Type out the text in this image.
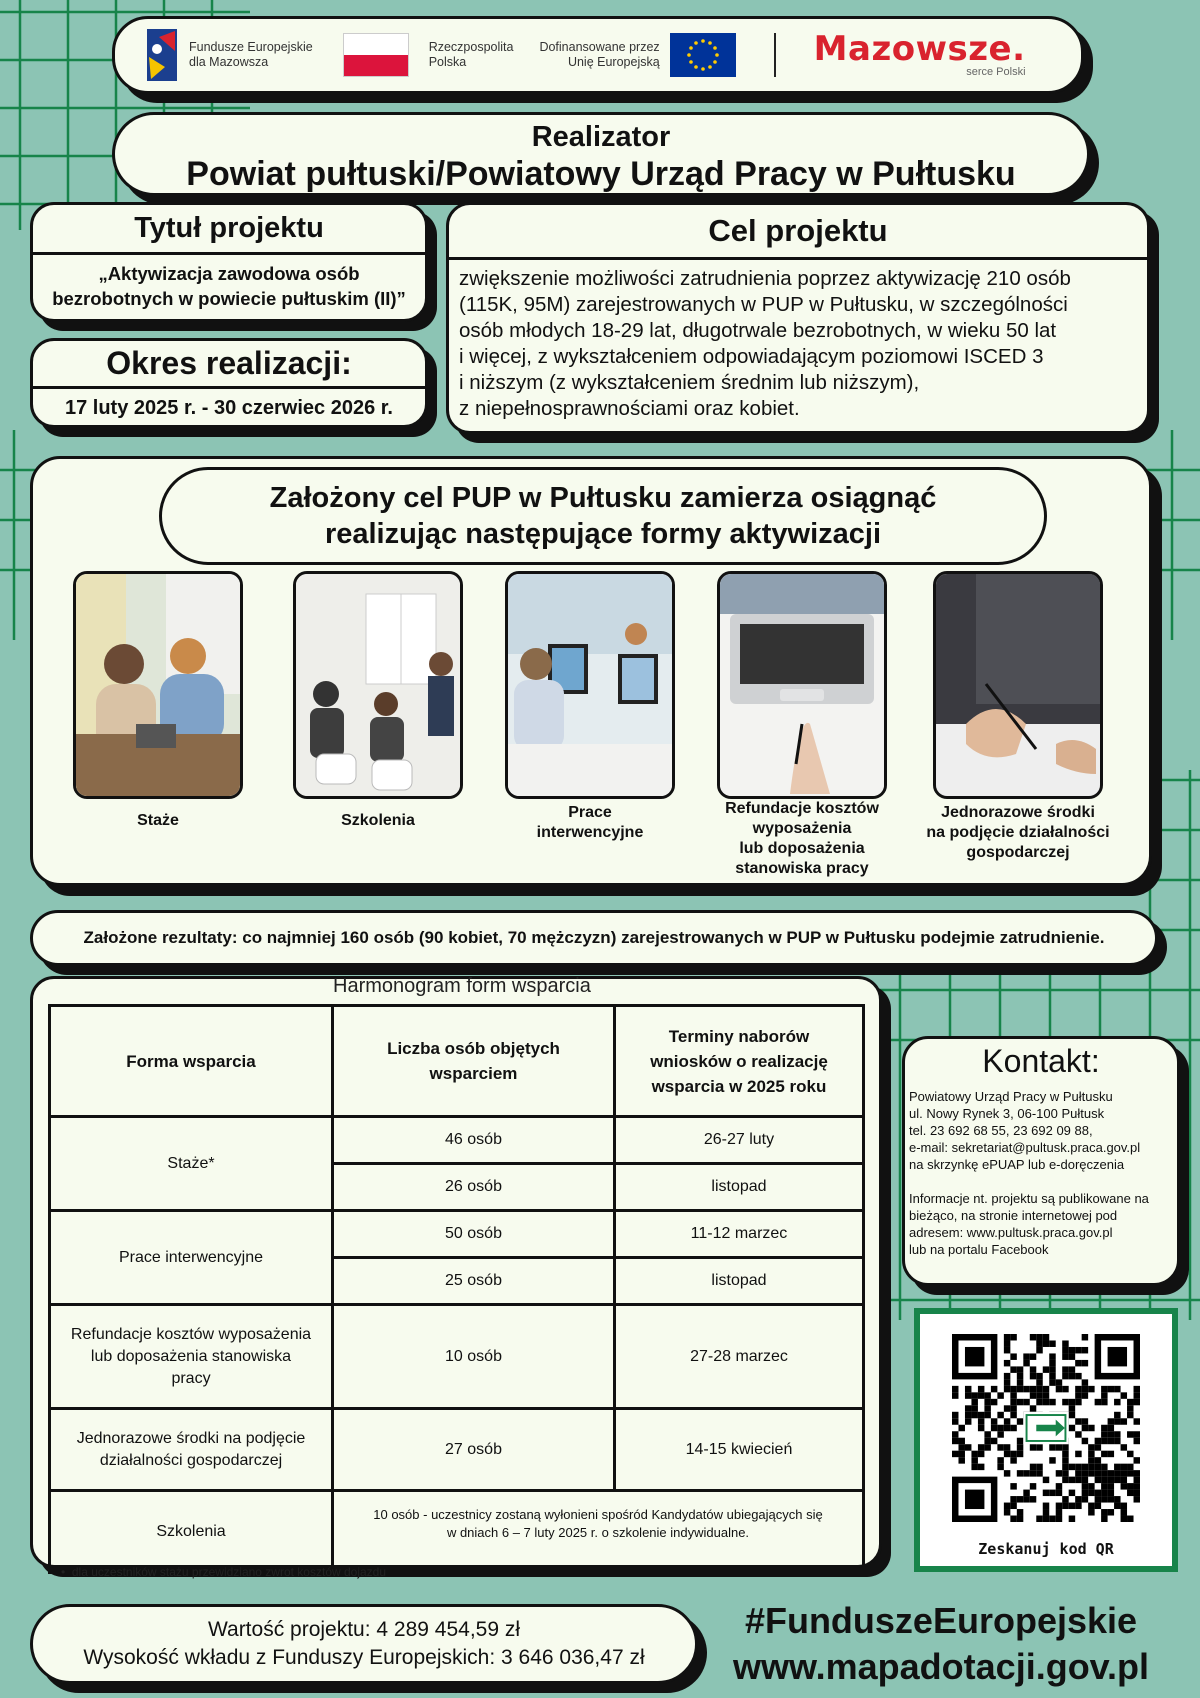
Fundusze Europejskie
dla Mazowsza
Rzeczpospolita
Polska
Dofinansowane przez
Unię Europejską	Mazowsze.
serce Polski
Realizator
Powiat pułtuski/Powiatowy Urząd Pracy w Pułtusku
Tytuł projektu
„Aktywizacja zawodowa osób
bezrobotnych w powiecie pułtuskim (II)”
Okres realizacji:
17 luty 2025 r. - 30 czerwiec 2026 r.
Cel projektu
zwiększenie możliwości zatrudnienia poprzez aktywizację 210 osób
(115K, 95M) zarejestrowanych w PUP w Pułtusku, w szczególności
osób młodych 18-29 lat, długotrwale bezrobotnych, w wieku 50 lat
i więcej, z wykształceniem odpowiadającym poziomowi ISCED 3
i niższym (z wykształceniem średnim lub niższym),
z niepełnosprawnościami oraz kobiet.
Założony cel PUP w Pułtusku zamierza osiągnąć
realizując następujące formy aktywizacji
Staże	Szkolenia	Prace
interwencyjne
Refundacje kosztów
wyposażenia
lub doposażenia
stanowiska pracy
Jednorazowe środki
na podjęcie działalności
gospodarczej
Założone rezultaty: co najmniej 160 osób (90 kobiet, 70 mężczyzn) zarejestrowanych w PUP w Pułtusku podejmie zatrudnienie.
Harmonogram form wsparcia
Forma wsparcia	Liczba osób objętych
wsparciem	Terminy naborów
wniosków o realizację
wsparcia w 2025 roku
Staże*	46 osób	26-27 luty
	26 osób	listopad
Prace interwencyjne	50 osób	11-12 marzec
	25 osób	listopad
Refundacje kosztów wyposażenia
lub doposażenia stanowiska
pracy	10 osób	27-28 marzec
Jednorazowe środki na podjęcie
działalności gospodarczej	27 osób	14-15 kwiecień
Szkolenia	10 osób - uczestnicy zostaną wyłonieni spośród Kandydatów ubiegających się
w dniach 6 – 7 luty 2025 r. o szkolenie indywidualne.	
•  dla uczestników stażu przewidziano zwrot kosztów dojazdu
Kontakt:
Powiatowy Urząd Pracy w Pułtusku
ul. Nowy Rynek 3, 06-100 Pułtusk
tel. 23 692 68 55, 23 692 09 88,
e-mail: sekretariat@pultusk.praca.gov.pl
na skrzynkę ePUAP lub e-doręczenia
Informacje nt. projektu są publikowane na
bieżąco, na stronie internetowej pod
adresem: www.pultusk.praca.gov.pl
lub na portalu Facebook
Zeskanuj kod QR
Wartość projektu: 4 289 454,59 zł
Wysokość wkładu z Funduszy Europejskich: 3 646 036,47 zł
#FunduszeEuropejskie
www.mapadotacji.gov.pl
